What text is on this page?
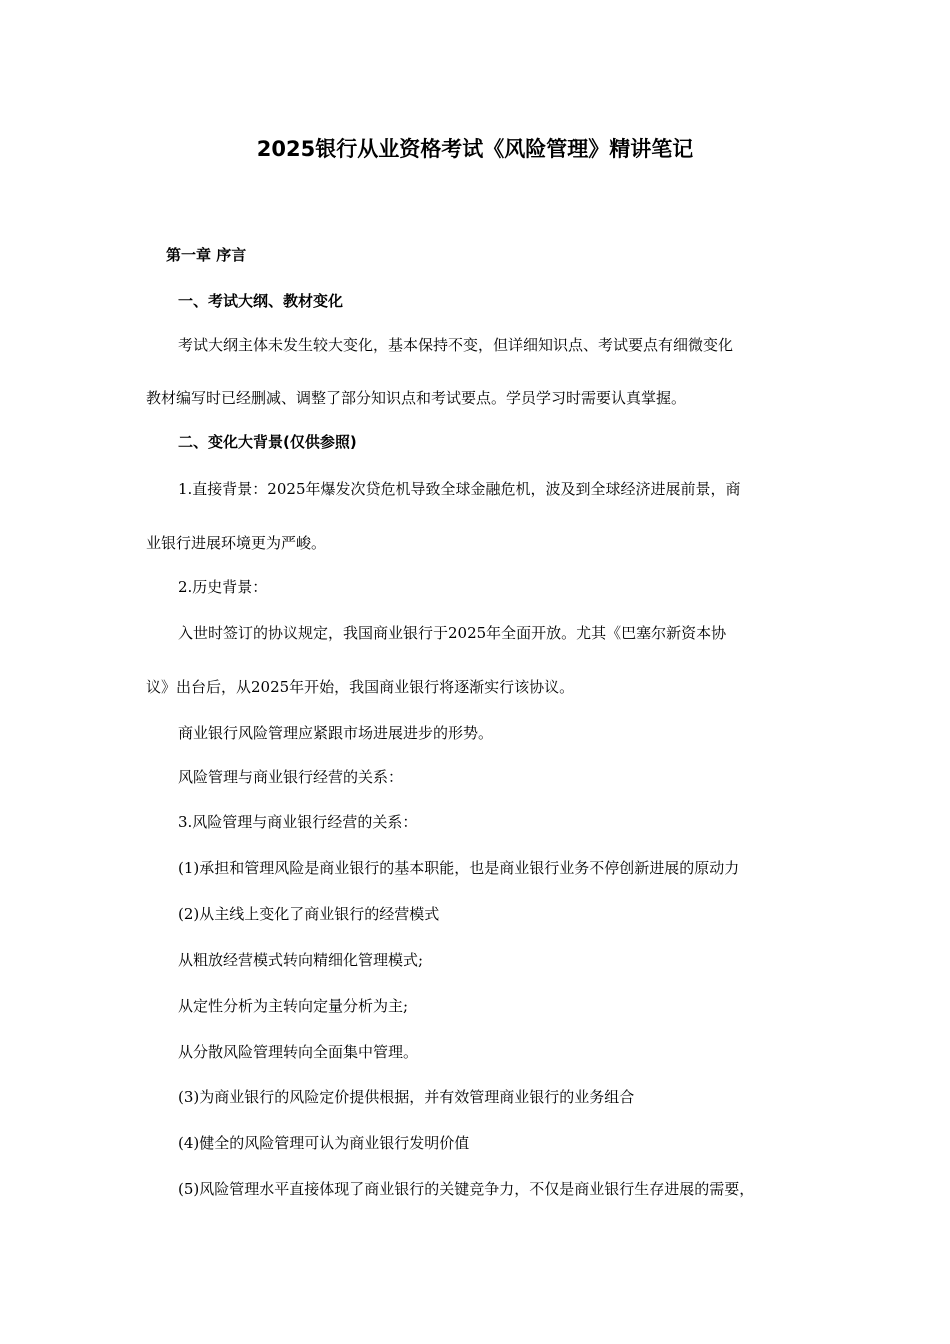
2025银行从业资格考试《风险管理》精讲笔记
第一章 序言
一、考试大纲、教材变化
考试大纲主体未发生较大变化，基本保持不变，但详细知识点、考试要点有细微变化
教材编写时已经删减、调整了部分知识点和考试要点。学员学习时需要认真掌握。
二、变化大背景(仅供参照)
1.直接背景：2025年爆发次贷危机导致全球金融危机，波及到全球经济进展前景，商
业银行进展环境更为严峻。
2.历史背景：
入世时签订的协议规定，我国商业银行于2025年全面开放。尤其《巴塞尔新资本协
议》出台后，从2025年开始，我国商业银行将逐渐实行该协议。
商业银行风险管理应紧跟市场进展进步的形势。
风险管理与商业银行经营的关系：
3.风险管理与商业银行经营的关系：
(1)承担和管理风险是商业银行的基本职能，也是商业银行业务不停创新进展的原动力
(2)从主线上变化了商业银行的经营模式
从粗放经营模式转向精细化管理模式;
从定性分析为主转向定量分析为主;
从分散风险管理转向全面集中管理。
(3)为商业银行的风险定价提供根据，并有效管理商业银行的业务组合
(4)健全的风险管理可认为商业银行发明价值
(5)风险管理水平直接体现了商业银行的关键竞争力，不仅是商业银行生存进展的需要，
